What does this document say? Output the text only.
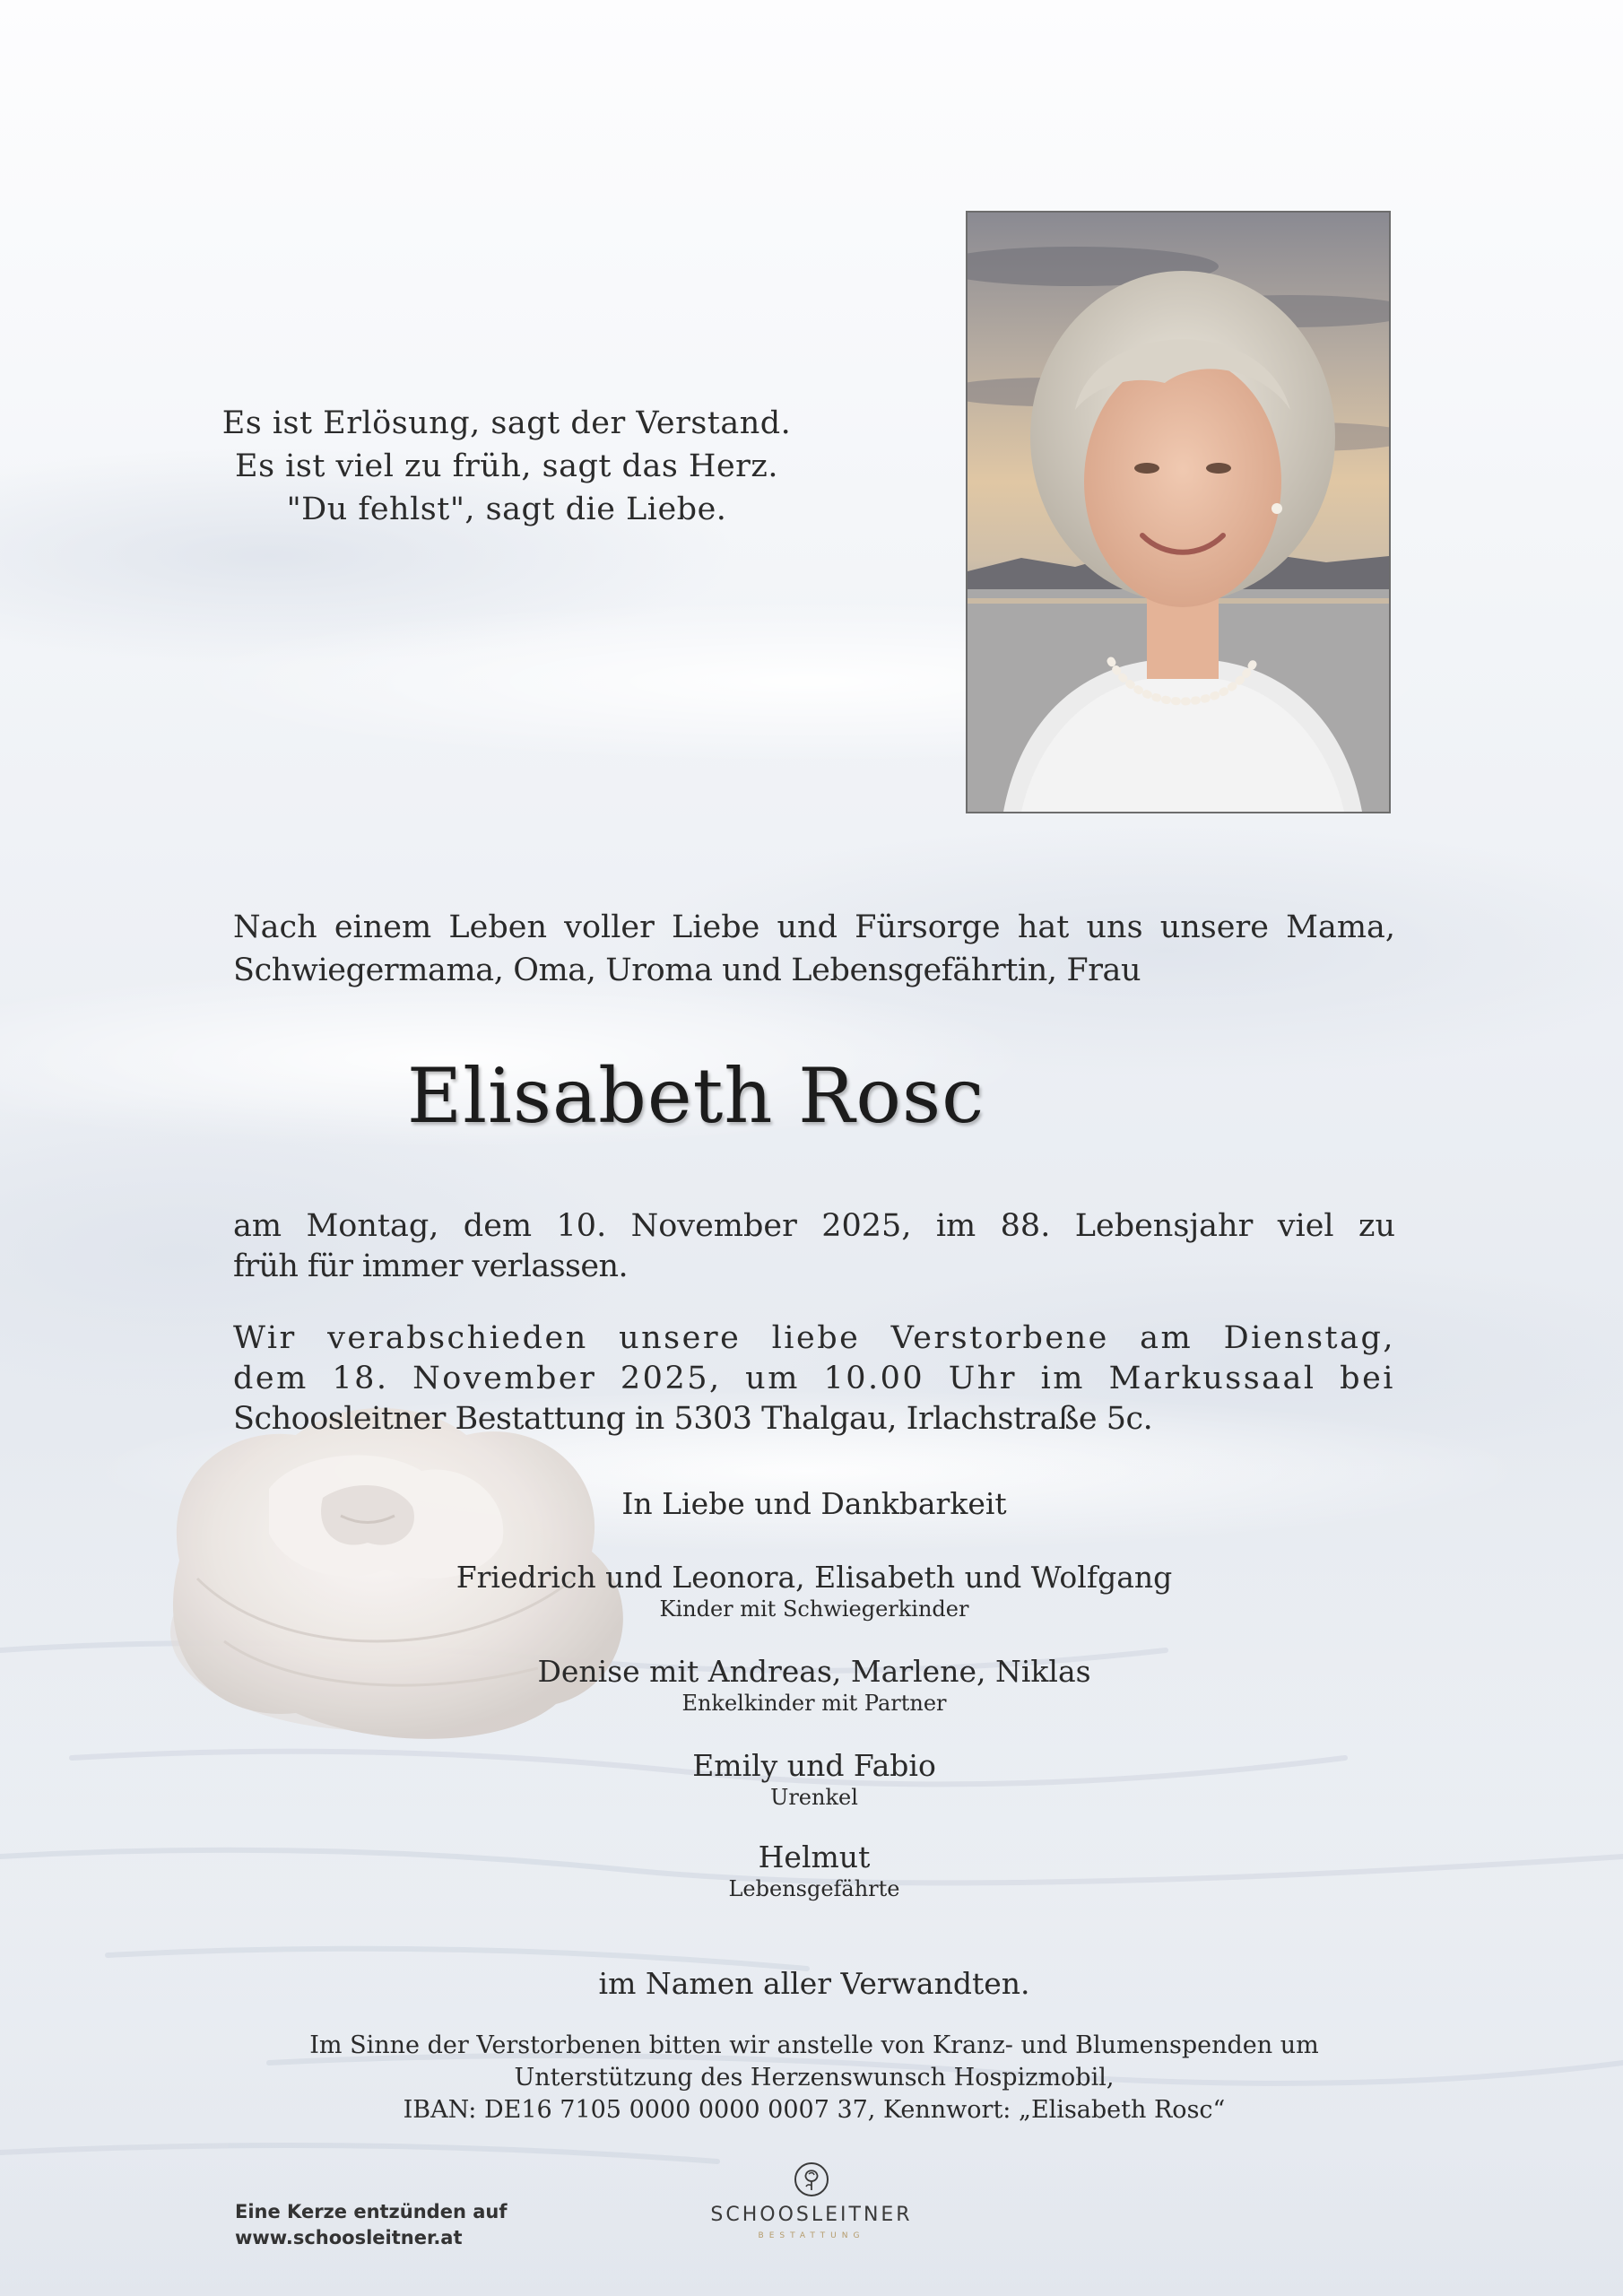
Es ist Erlösung, sagt der Verstand.
Es ist viel zu früh, sagt das Herz.
"Du fehlst", sagt die Liebe.
Nach einem Leben voller Liebe und Fürsorge hat uns unsere Mama,
Schwiegermama, Oma, Uroma und Lebensgefährtin, Frau
Elisabeth Rosc
am Montag, dem 10. November 2025, im 88. Lebensjahr viel zu
früh für immer verlassen.
Wir verabschieden unsere liebe Verstorbene am Dienstag,
dem 18. November 2025, um 10.00 Uhr im Markussaal bei
Schoosleitner Bestattung in 5303 Thalgau, Irlachstraße 5c.
In Liebe und Dankbarkeit
Friedrich und Leonora, Elisabeth und Wolfgang
Kinder mit Schwiegerkinder
Denise mit Andreas, Marlene, Niklas
Enkelkinder mit Partner
Emily und Fabio
Urenkel
Helmut
Lebensgefährte
im Namen aller Verwandten.
Im Sinne der Verstorbenen bitten wir anstelle von Kranz- und Blumenspenden um
Unterstützung des Herzenswunsch Hospizmobil,
IBAN: DE16 7105 0000 0000 0007 37, Kennwort: „Elisabeth Rosc“
Eine Kerze entzünden auf
www.schoosleitner.at
SCHOOSLEITNER
BESTATTUNG
